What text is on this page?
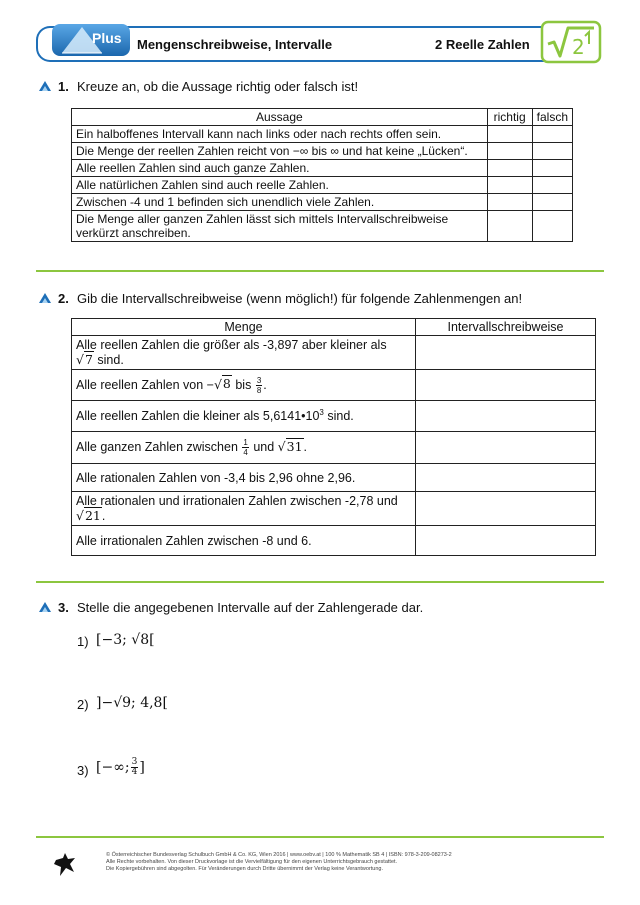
Plus Mengenschreibweise, Intervalle	2 Reelle Zahlen 2
1. Kreuze an, ob die Aussage richtig oder falsch ist!
Aussage	richtig	falsch
Ein halboffenes Intervall kann nach links oder nach rechts offen sein.		
Die Menge der reellen Zahlen reicht von −∞ bis ∞ und hat keine „Lücken“.		
Alle reellen Zahlen sind auch ganze Zahlen.		
Alle natürlichen Zahlen sind auch reelle Zahlen.		
Zwischen -4 und 1 befinden sich unendlich viele Zahlen.		
Die Menge aller ganzen Zahlen lässt sich mittels Intervallschreibweise verkürzt anschreiben.		
2. Gib die Intervallschreibweise (wenn möglich!) für folgende Zahlenmengen an!
Menge	Intervallschreibweise
Alle reellen Zahlen die größer als -3,897 aber kleiner als
√7 sind.	
Alle reellen Zahlen von −√8 bis $\frac{3}{8}$ .	
Alle reellen Zahlen die kleiner als $5,6141•10^3$ sind.	
Alle ganzen Zahlen zwischen $\frac{1}{4}$ und √31.	
Alle rationalen Zahlen von -3,4 bis 2,96 ohne 2,96.	
Alle rationalen und irrationalen Zahlen zwischen -2,78 und
√21.	
Alle irrationalen Zahlen zwischen -8 und 6.	
3. Stelle die angegebenen Intervalle auf der Zahlengerade dar.
1) [−3; √8[
2) ]−√9; 4,8[
3) [−∞; $\frac{3}{4}$ ]
© Österreichischer Bundesverlag Schulbuch GmbH & Co. KG, Wien 2016 | www.oebv.at | 100 % Mathematik SB 4 | ISBN: 978-3-209-08273-2
Alle Rechte vorbehalten. Von dieser Druckvorlage ist die Vervielfältigung für den eigenen Unterrichtsgebrauch gestattet.
Die Kopiergebühren sind abgegolten. Für Veränderungen durch Dritte übernimmt der Verlag keine Verantwortung.
